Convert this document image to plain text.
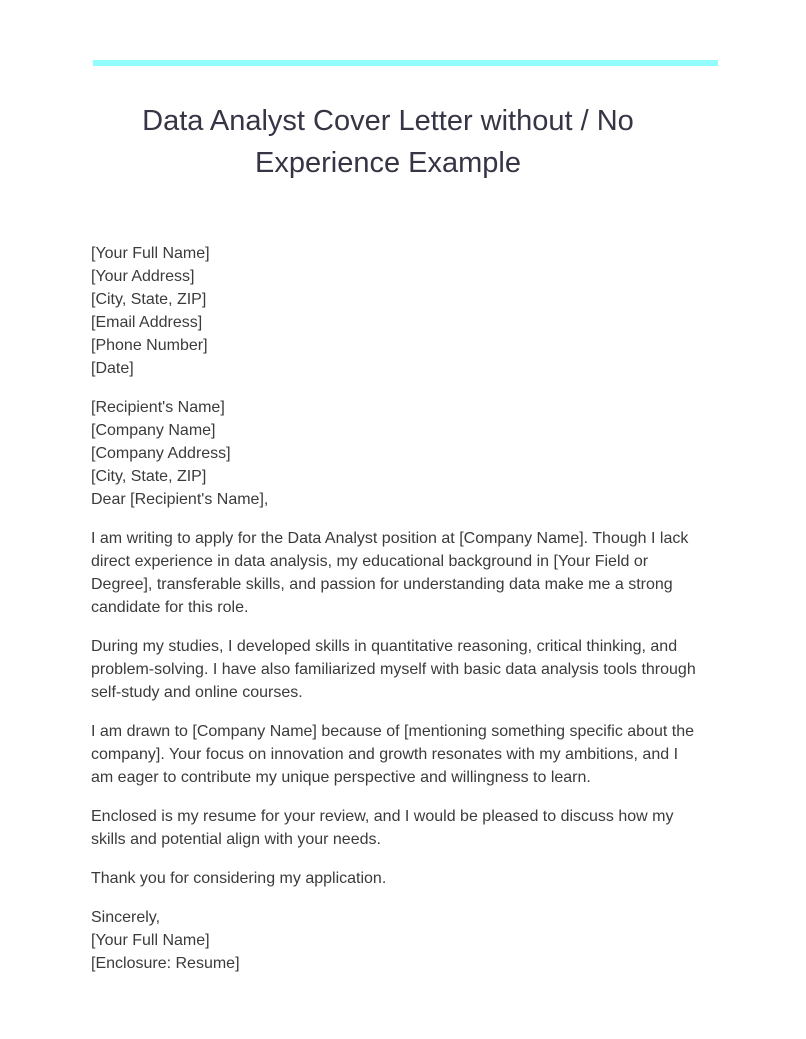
Data Analyst Cover Letter without / No Experience Example
[Your Full Name]
[Your Address]
[City, State, ZIP]
[Email Address]
[Phone Number]
[Date]
[Recipient's Name]
[Company Name]
[Company Address]
[City, State, ZIP]
Dear [Recipient's Name],

I am writing to apply for the Data Analyst position at [Company Name]. Though I lack direct experience in data analysis, my educational background in [Your Field or Degree], transferable skills, and passion for understanding data make me a strong candidate for this role.

During my studies, I developed skills in quantitative reasoning, critical thinking, and problem-solving. I have also familiarized myself with basic data analysis tools through self-study and online courses.

I am drawn to [Company Name] because of [mentioning something specific about the company]. Your focus on innovation and growth resonates with my ambitions, and I am eager to contribute my unique perspective and willingness to learn.

Enclosed is my resume for your review, and I would be pleased to discuss how my skills and potential align with your needs.

Thank you for considering my application.

Sincerely,
[Your Full Name]
[Enclosure: Resume]
